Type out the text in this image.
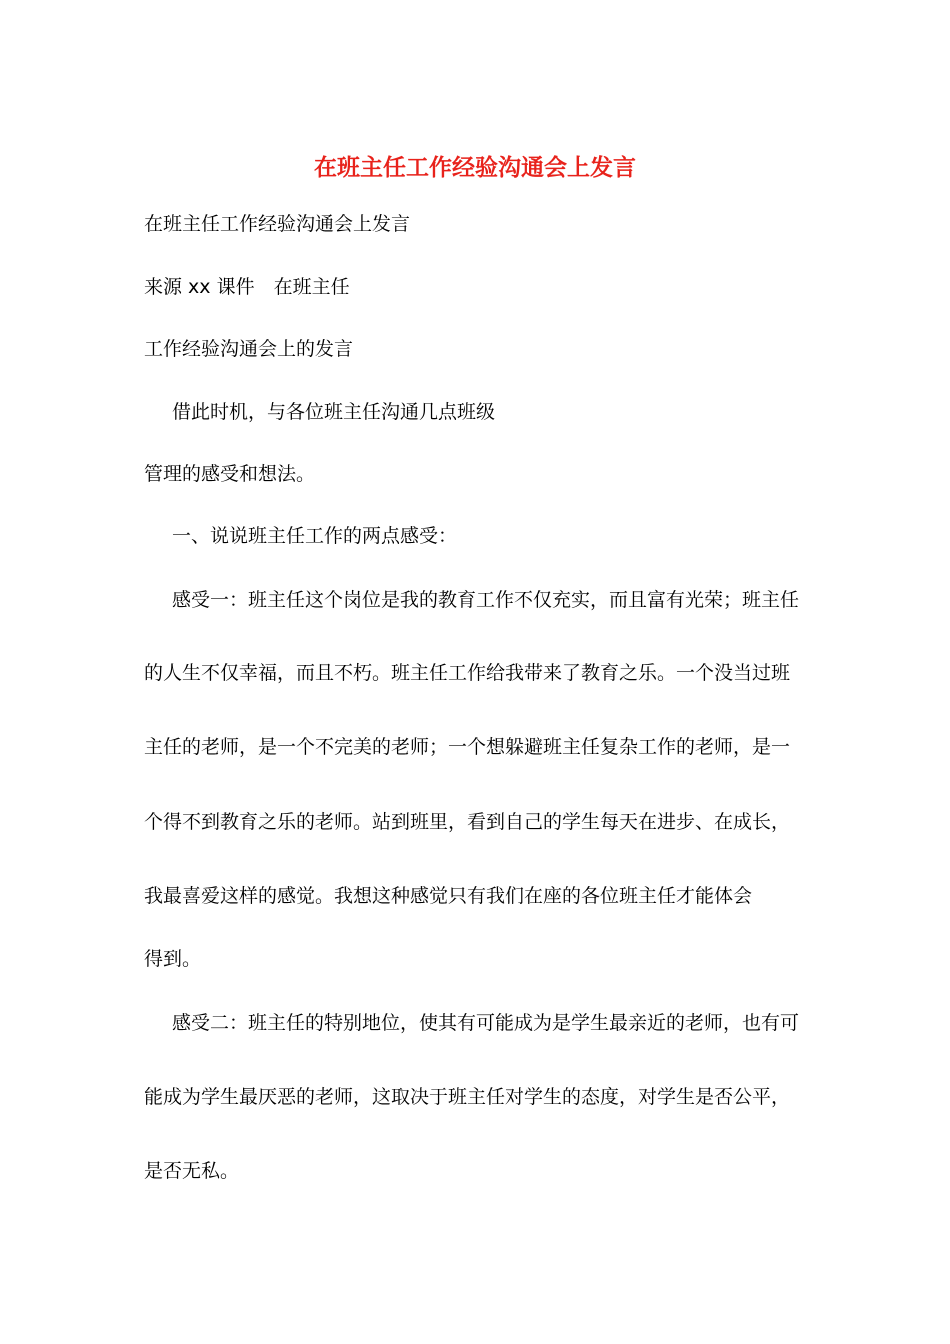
在班主任工作经验沟通会上发言
在班主任工作经验沟通会上发言
来源 xx 课件　在班主任
工作经验沟通会上的发言
借此时机，与各位班主任沟通几点班级
管理的感受和想法。
一、说说班主任工作的两点感受：
感受一：班主任这个岗位是我的教育工作不仅充实，而且富有光荣；班主任
的人生不仅幸福，而且不朽。班主任工作给我带来了教育之乐。一个没当过班
主任的老师，是一个不完美的老师；一个想躲避班主任复杂工作的老师，是一
个得不到教育之乐的老师。站到班里，看到自己的学生每天在进步、在成长，
我最喜爱这样的感觉。我想这种感觉只有我们在座的各位班主任才能体会
得到。
感受二：班主任的特别地位，使其有可能成为是学生最亲近的老师，也有可
能成为学生最厌恶的老师，这取决于班主任对学生的态度，对学生是否公平，
是否无私。
